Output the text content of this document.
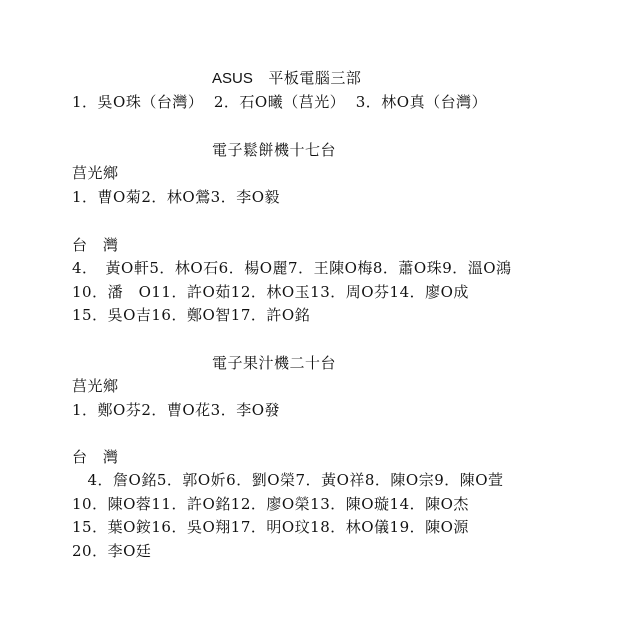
ASUS　平板電腦三部
1．吳O珠（台灣）  2．石O曦（莒光）  3．林O真（台灣）
電子鬆餅機十七台
莒光鄉
1．曹O菊2．林O鶯3．李O毅
台　灣
4．　黃O軒5．林O石6．楊O麗7．王陳O梅8．蕭O珠9．溫O鴻
10．潘　O11．許O茹12．林O玉13．周O芬14．廖O成
15．吳O吉16．鄭O智17．許O銘
電子果汁機二十台
莒光鄉
1．鄭O芬2．曹O花3．李O發
台　灣
　4．詹O銘5．郭O妡6．劉O榮7．黃O祥8．陳O宗9．陳O萱
10．陳O蓉11．許O銘12．廖O榮13．陳O璇14．陳O杰
15．葉O銨16．吳O翔17．明O玟18．林O儀19．陳O源
20．李O廷
